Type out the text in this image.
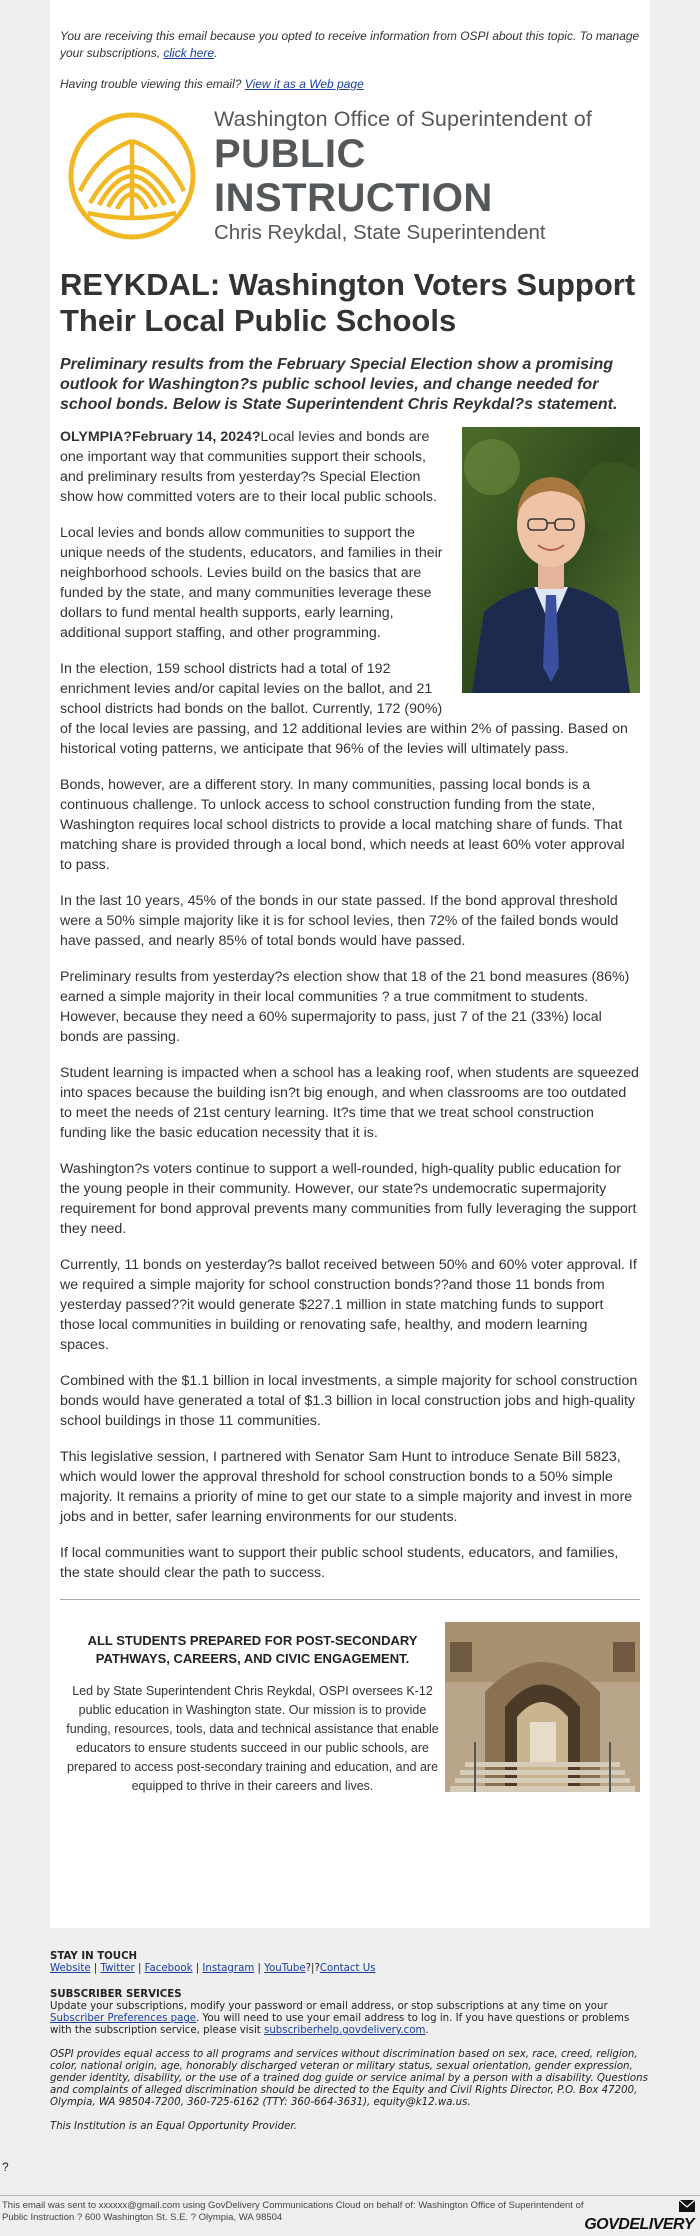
You are receiving this email because you opted to receive information from OSPI about this topic. To manage your subscriptions, click here.

Having trouble viewing this email? View it as a Web page

Washington Office of Superintendent of
PUBLIC INSTRUCTION
Chris Reykdal, State Superintendent
REYKDAL: Washington Voters Support Their Local Public Schools

Preliminary results from the February Special Election show a promising outlook for Washington?s public school levies, and change needed for school bonds. Below is State Superintendent Chris Reykdal?s statement.

OLYMPIA?February 14, 2024?Local levies and bonds are one important way that communities support their schools, and preliminary results from yesterday?s Special Election show how committed voters are to their local public schools.

Local levies and bonds allow communities to support the unique needs of the students, educators, and families in their neighborhood schools. Levies build on the basics that are funded by the state, and many communities leverage these dollars to fund mental health supports, early learning, additional support staffing, and other programming.

In the election, 159 school districts had a total of 192 enrichment levies and/or capital levies on the ballot, and 21 school districts had bonds on the ballot. Currently, 172 (90%) of the local levies are passing, and 12 additional levies are within 2% of passing. Based on historical voting patterns, we anticipate that 96% of the levies will ultimately pass.

Bonds, however, are a different story. In many communities, passing local bonds is a continuous challenge. To unlock access to school construction funding from the state, Washington requires local school districts to provide a local matching share of funds. That matching share is provided through a local bond, which needs at least 60% voter approval to pass.

In the last 10 years, 45% of the bonds in our state passed. If the bond approval threshold were a 50% simple majority like it is for school levies, then 72% of the failed bonds would have passed, and nearly 85% of total bonds would have passed.

Preliminary results from yesterday?s election show that 18 of the 21 bond measures (86%) earned a simple majority in their local communities ? a true commitment to students. However, because they need a 60% supermajority to pass, just 7 of the 21 (33%) local bonds are passing.

Student learning is impacted when a school has a leaking roof, when students are squeezed into spaces because the building isn?t big enough, and when classrooms are too outdated to meet the needs of 21st century learning. It?s time that we treat school construction funding like the basic education necessity that it is.

Washington?s voters continue to support a well-rounded, high-quality public education for the young people in their community. However, our state?s undemocratic supermajority requirement for bond approval prevents many communities from fully leveraging the support they need.

Currently, 11 bonds on yesterday?s ballot received between 50% and 60% voter approval. If we required a simple majority for school construction bonds??and those 11 bonds from yesterday passed??it would generate $227.1 million in state matching funds to support those local communities in building or renovating safe, healthy, and modern learning spaces.

Combined with the $1.1 billion in local investments, a simple majority for school construction bonds would have generated a total of $1.3 billion in local construction jobs and high-quality school buildings in those 11 communities.

This legislative session, I partnered with Senator Sam Hunt to introduce Senate Bill 5823, which would lower the approval threshold for school construction bonds to a 50% simple majority. It remains a priority of mine to get our state to a simple majority and invest in more jobs and in better, safer learning environments for our students.

If local communities want to support their public school students, educators, and families, the state should clear the path to success.

ALL STUDENTS PREPARED FOR POST-SECONDARY PATHWAYS, CAREERS, AND CIVIC ENGAGEMENT.
Led by State Superintendent Chris Reykdal, OSPI oversees K-12 public education in Washington state. Our mission is to provide funding, resources, tools, data and technical assistance that enable educators to ensure students succeed in our public schools, are prepared to access post-secondary training and education, and are equipped to thrive in their careers and lives.

STAY IN TOUCH

Website | Twitter | Facebook | Instagram | YouTube?|?Contact Us

SUBSCRIBER SERVICES

Update your subscriptions, modify your password or email address, or stop subscriptions at any time on your Subscriber Preferences page. You will need to use your email address to log in. If you have questions or problems with the subscription service, please visit subscriberhelp.govdelivery.com.

OSPI provides equal access to all programs and services without discrimination based on sex, race, creed, religion, color, national origin, age, honorably discharged veteran or military status, sexual orientation, gender expression, gender identity, disability, or the use of a trained dog guide or service animal by a person with a disability. Questions and complaints of alleged discrimination should be directed to the Equity and Civil Rights Director, P.O. Box 47200, Olympia, WA 98504-7200, 360-725-6162 (TTY: 360-664-3631), equity@k12.wa.us.

This Institution is an Equal Opportunity Provider.

?
This email was sent to xxxxxx@gmail.com using GovDelivery Communications Cloud on behalf of: Washington Office of Superintendent of Public Instruction ? 600 Washington St. S.E. ? Olympia, WA 98504	GOVDELIVERY
